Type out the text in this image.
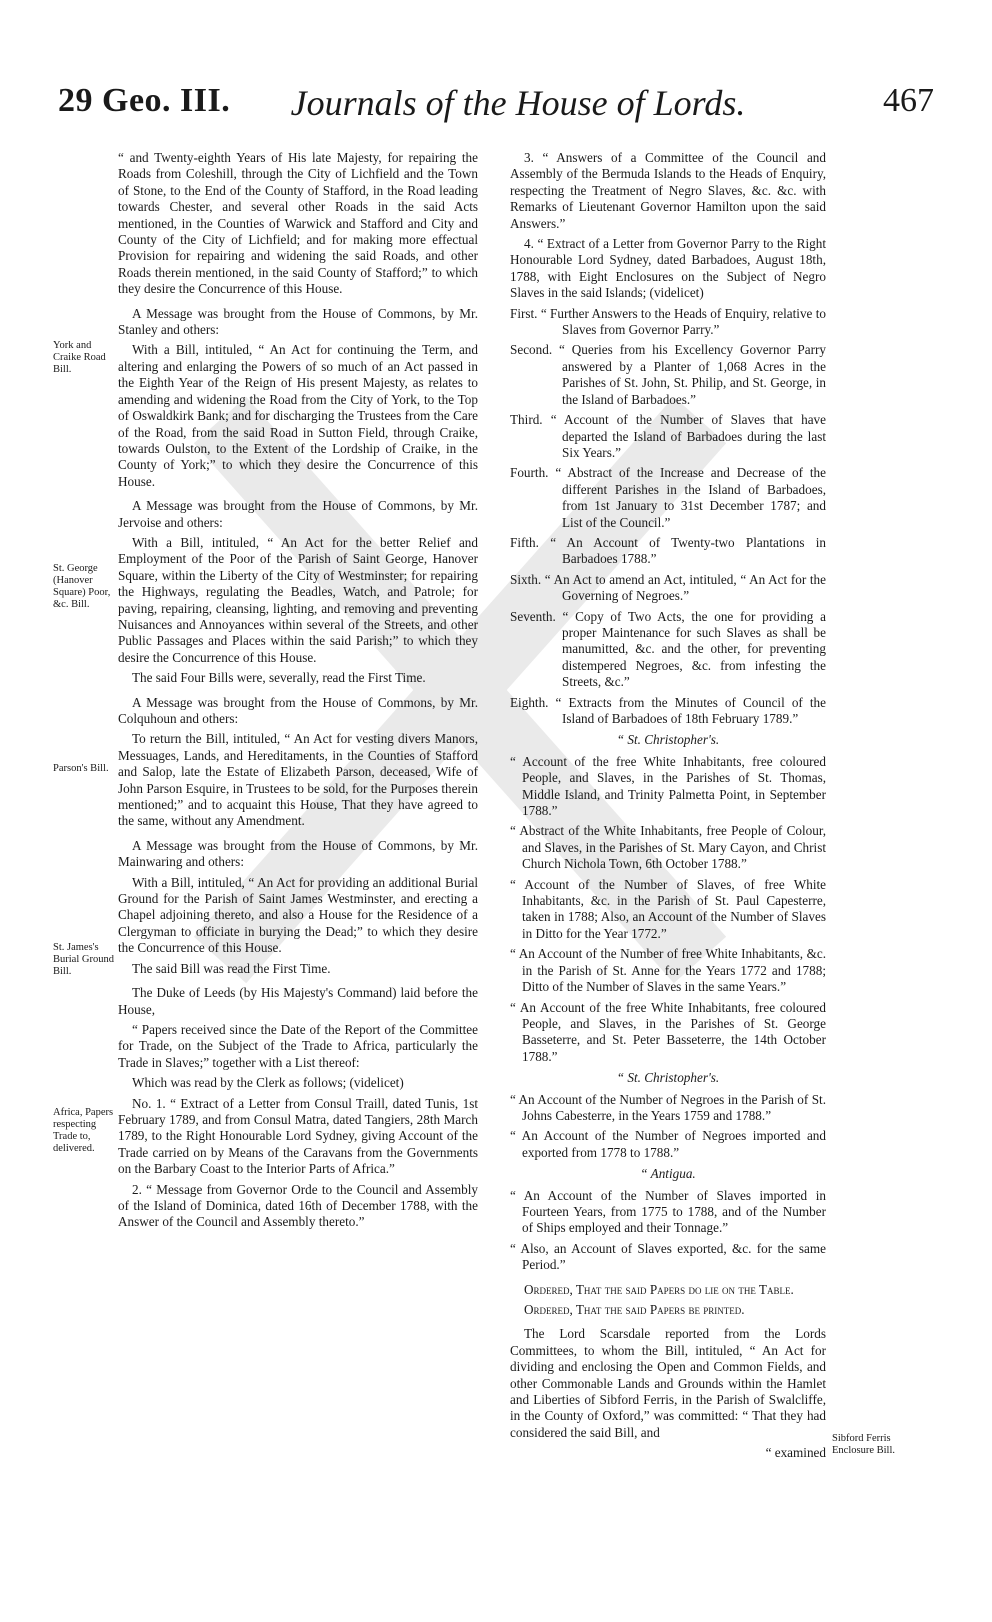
29 Geo. III.	Journals of the House of Lords.	467
York and Craike Road Bill.
St. George (Hanover Square) Poor, &c. Bill.
Parson's Bill.
St. James's Burial Ground Bill.
Africa, Papers respecting Trade to, delivered.
Sibford Ferris Enclosure Bill.

“ and Twenty-eighth Years of His late Majesty, for repairing the Roads from Coleshill, through the City of Lichfield and the Town of Stone, to the End of the County of Stafford, in the Road leading towards Chester, and several other Roads in the said Acts mentioned, in the Counties of Warwick and Stafford and City and County of the City of Lichfield; and for making more effectual Provision for repairing and widening the said Roads, and other Roads therein mentioned, in the said County of Stafford;” to which they desire the Concurrence of this House.

A Message was brought from the House of Commons, by Mr. Stanley and others:

With a Bill, intituled, “ An Act for continuing the Term, and altering and enlarging the Powers of so much of an Act passed in the Eighth Year of the Reign of His present Majesty, as relates to amending and widening the Road from the City of York, to the Top of Oswaldkirk Bank; and for discharging the Trustees from the Care of the Road, from the said Road in Sutton Field, through Craike, towards Oulston, to the Extent of the Lordship of Craike, in the County of York;” to which they desire the Concurrence of this House.

A Message was brought from the House of Commons, by Mr. Jervoise and others:

With a Bill, intituled, “ An Act for the better Relief and Employment of the Poor of the Parish of Saint George, Hanover Square, within the Liberty of the City of Westminster; for repairing the Highways, regulating the Beadles, Watch, and Patrole; for paving, repairing, cleansing, lighting, and removing and preventing Nuisances and Annoyances within several of the Streets, and other Public Passages and Places within the said Parish;” to which they desire the Concurrence of this House.

The said Four Bills were, severally, read the First Time.

A Message was brought from the House of Commons, by Mr. Colquhoun and others:

To return the Bill, intituled, “ An Act for vesting divers Manors, Messuages, Lands, and Hereditaments, in the Counties of Stafford and Salop, late the Estate of Elizabeth Parson, deceased, Wife of John Parson Esquire, in Trustees to be sold, for the Purposes therein mentioned;” and to acquaint this House, That they have agreed to the same, without any Amendment.

A Message was brought from the House of Commons, by Mr. Mainwaring and others:

With a Bill, intituled, “ An Act for providing an additional Burial Ground for the Parish of Saint James Westminster, and erecting a Chapel adjoining thereto, and also a House for the Residence of a Clergyman to officiate in burying the Dead;” to which they desire the Concurrence of this House.

The said Bill was read the First Time.

The Duke of Leeds (by His Majesty's Command) laid before the House,

“ Papers received since the Date of the Report of the Committee for Trade, on the Subject of the Trade to Africa, particularly the Trade in Slaves;” together with a List thereof:

Which was read by the Clerk as follows; (videlicet)

No. 1. “ Extract of a Letter from Consul Traill, dated Tunis, 1st February 1789, and from Consul Matra, dated Tangiers, 28th March 1789, to the Right Honourable Lord Sydney, giving Account of the Trade carried on by Means of the Caravans from the Governments on the Barbary Coast to the Interior Parts of Africa.”

2. “ Message from Governor Orde to the Council and Assembly of the Island of Dominica, dated 16th of December 1788, with the Answer of the Council and Assembly thereto.”

3. “ Answers of a Committee of the Council and Assembly of the Bermuda Islands to the Heads of Enquiry, respecting the Treatment of Negro Slaves, &c. &c. with Remarks of Lieutenant Governor Hamilton upon the said Answers.”

4. “ Extract of a Letter from Governor Parry to the Right Honourable Lord Sydney, dated Barbadoes, August 18th, 1788, with Eight Enclosures on the Subject of Negro Slaves in the said Islands; (videlicet)

First. “ Further Answers to the Heads of Enquiry, relative to Slaves from Governor Parry.”

Second. “ Queries from his Excellency Governor Parry answered by a Planter of 1,068 Acres in the Parishes of St. John, St. Philip, and St. George, in the Island of Barbadoes.”

Third. “ Account of the Number of Slaves that have departed the Island of Barbadoes during the last Six Years.”

Fourth. “ Abstract of the Increase and Decrease of the different Parishes in the Island of Barbadoes, from 1st January to 31st December 1787; and List of the Council.”

Fifth. “ An Account of Twenty-two Plantations in Barbadoes 1788.”

Sixth. “ An Act to amend an Act, intituled, “ An Act for the Governing of Negroes.”

Seventh. “ Copy of Two Acts, the one for providing a proper Maintenance for such Slaves as shall be manumitted, &c. and the other, for preventing distempered Negroes, &c. from infesting the Streets, &c.”

Eighth. “ Extracts from the Minutes of Council of the Island of Barbadoes of 18th February 1789.”

“ St. Christopher's.

“ Account of the free White Inhabitants, free coloured People, and Slaves, in the Parishes of St. Thomas, Middle Island, and Trinity Palmetta Point, in September 1788.”

“ Abstract of the White Inhabitants, free People of Colour, and Slaves, in the Parishes of St. Mary Cayon, and Christ Church Nichola Town, 6th October 1788.”

“ Account of the Number of Slaves, of free White Inhabitants, &c. in the Parish of St. Paul Capesterre, taken in 1788; Also, an Account of the Number of Slaves in Ditto for the Year 1772.”

“ An Account of the Number of free White Inhabitants, &c. in the Parish of St. Anne for the Years 1772 and 1788; Ditto of the Number of Slaves in the same Years.”

“ An Account of the free White Inhabitants, free coloured People, and Slaves, in the Parishes of St. George Basseterre, and St. Peter Basseterre, the 14th October 1788.”

“ St. Christopher's.

“ An Account of the Number of Negroes in the Parish of St. Johns Cabesterre, in the Years 1759 and 1788.”

“ An Account of the Number of Negroes imported and exported from 1778 to 1788.”

“ Antigua.

“ An Account of the Number of Slaves imported in Fourteen Years, from 1775 to 1788, and of the Number of Ships employed and their Tonnage.”

“ Also, an Account of Slaves exported, &c. for the same Period.”

Ordered, That the said Papers do lie on the Table.

Ordered, That the said Papers be printed.

The Lord Scarsdale reported from the Lords Committees, to whom the Bill, intituled, “ An Act for dividing and enclosing the Open and Common Fields, and other Commonable Lands and Grounds within the Hamlet and Liberties of Sibford Ferris, in the Parish of Swalcliffe, in the County of Oxford,” was committed: “ That they had considered the said Bill, and

“ examined
